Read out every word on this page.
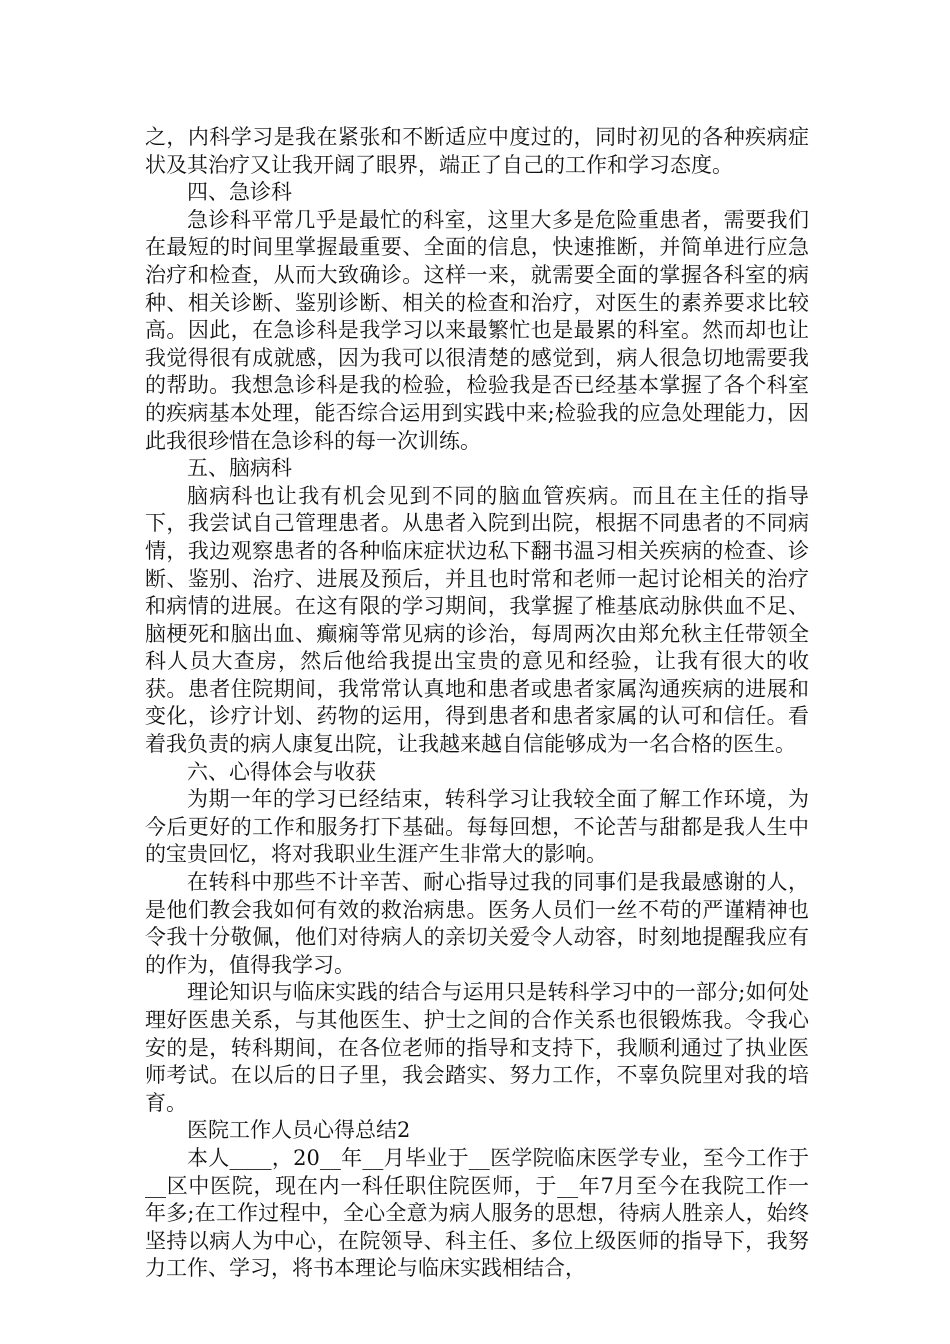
之，内科学习是我在紧张和不断适应中度过的，同时初见的各种疾病症状及其治疗又让我开阔了眼界，端正了自己的工作和学习态度。

四、急诊科

急诊科平常几乎是最忙的科室，这里大多是危险重患者，需要我们在最短的时间里掌握最重要、全面的信息，快速推断，并简单进行应急治疗和检查，从而大致确诊。这样一来，就需要全面的掌握各科室的病种、相关诊断、鉴别诊断、相关的检查和治疗，对医生的素养要求比较高。因此，在急诊科是我学习以来最繁忙也是最累的科室。然而却也让我觉得很有成就感，因为我可以很清楚的感觉到，病人很急切地需要我的帮助。我想急诊科是我的检验，检验我是否已经基本掌握了各个科室的疾病基本处理，能否综合运用到实践中来;检验我的应急处理能力，因此我很珍惜在急诊科的每一次训练。

五、脑病科

脑病科也让我有机会见到不同的脑血管疾病。而且在主任的指导下，我尝试自己管理患者。从患者入院到出院，根据不同患者的不同病情，我边观察患者的各种临床症状边私下翻书温习相关疾病的检查、诊断、鉴别、治疗、进展及预后，并且也时常和老师一起讨论相关的治疗和病情的进展。在这有限的学习期间，我掌握了椎基底动脉供血不足、脑梗死和脑出血、癫痫等常见病的诊治，每周两次由郑允秋主任带领全科人员大查房，然后他给我提出宝贵的意见和经验，让我有很大的收获。患者住院期间，我常常认真地和患者或患者家属沟通疾病的进展和变化，诊疗计划、药物的运用，得到患者和患者家属的认可和信任。看着我负责的病人康复出院，让我越来越自信能够成为一名合格的医生。

六、心得体会与收获

为期一年的学习已经结束，转科学习让我较全面了解工作环境，为今后更好的工作和服务打下基础。每每回想，不论苦与甜都是我人生中的宝贵回忆，将对我职业生涯产生非常大的影响。

在转科中那些不计辛苦、耐心指导过我的同事们是我最感谢的人，是他们教会我如何有效的救治病患。医务人员们一丝不苟的严谨精神也令我十分敬佩，他们对待病人的亲切关爱令人动容，时刻地提醒我应有的作为，值得我学习。

理论知识与临床实践的结合与运用只是转科学习中的一部分;如何处理好医患关系，与其他医生、护士之间的合作关系也很锻炼我。令我心安的是，转科期间，在各位老师的指导和支持下，我顺利通过了执业医师考试。在以后的日子里，我会踏实、努力工作，不辜负院里对我的培育。

医院工作人员心得总结2

本人____，20__年__月毕业于__医学院临床医学专业，至今工作于__区中医院，现在内一科任职住院医师，于__年7月至今在我院工作一年多;在工作过程中，全心全意为病人服务的思想，待病人胜亲人，始终坚持以病人为中心，在院领导、科主任、多位上级医师的指导下，我努力工作、学习，将书本理论与临床实践相结合，
